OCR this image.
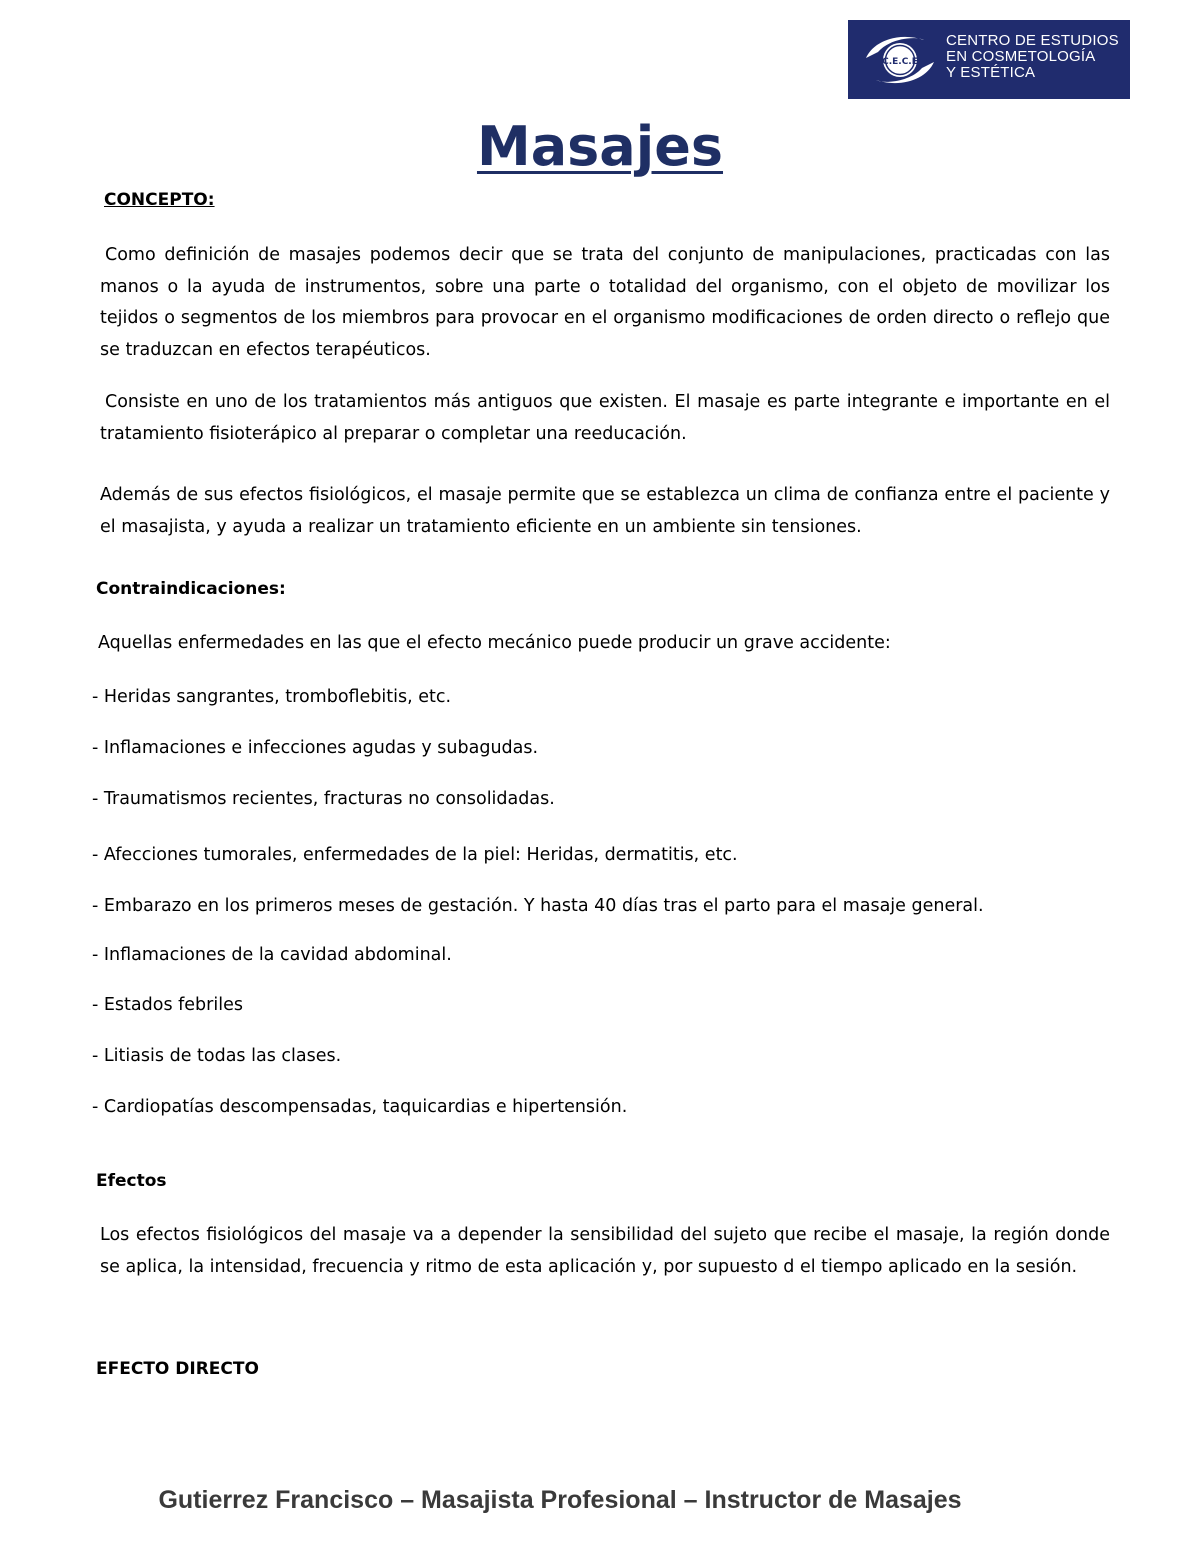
C.E.C.E
CENTRO DE ESTUDIOS
EN COSMETOLOGÍA
Y ESTÉTICA
Masajes
CONCEPTO:
Como definición de masajes podemos decir que se trata del conjunto de manipulaciones, practicadas con las manos o la ayuda de instrumentos, sobre una parte o totalidad del organismo, con el objeto de movilizar los tejidos o segmentos de los miembros para provocar en el organismo modificaciones de orden directo o reflejo que se traduzcan en efectos terapéuticos.
Consiste en uno de los tratamientos más antiguos que existen. El masaje es parte integrante e importante en el tratamiento fisioterápico al preparar o completar una reeducación.
Además de sus efectos fisiológicos, el masaje permite que se establezca un clima de confianza entre el paciente y el masajista, y ayuda a realizar un tratamiento eficiente en un ambiente sin tensiones.
Contraindicaciones:
Aquellas enfermedades en las que el efecto mecánico puede producir un grave accidente:
- Heridas sangrantes, tromboflebitis, etc.
- Inflamaciones e infecciones agudas y subagudas.
- Traumatismos recientes, fracturas no consolidadas.
- Afecciones tumorales, enfermedades de la piel: Heridas, dermatitis, etc.
- Embarazo en los primeros meses de gestación. Y hasta 40 días tras el parto para el masaje general.
- Inflamaciones de la cavidad abdominal.
- Estados febriles
- Litiasis de todas las clases.
- Cardiopatías descompensadas, taquicardias e hipertensión.
Efectos
Los efectos fisiológicos del masaje va a depender la sensibilidad del sujeto que recibe el masaje, la región donde se aplica, la intensidad, frecuencia y ritmo de esta aplicación y, por supuesto d el tiempo aplicado en la sesión.
EFECTO DIRECTO
Gutierrez Francisco – Masajista Profesional – Instructor de Masajes
